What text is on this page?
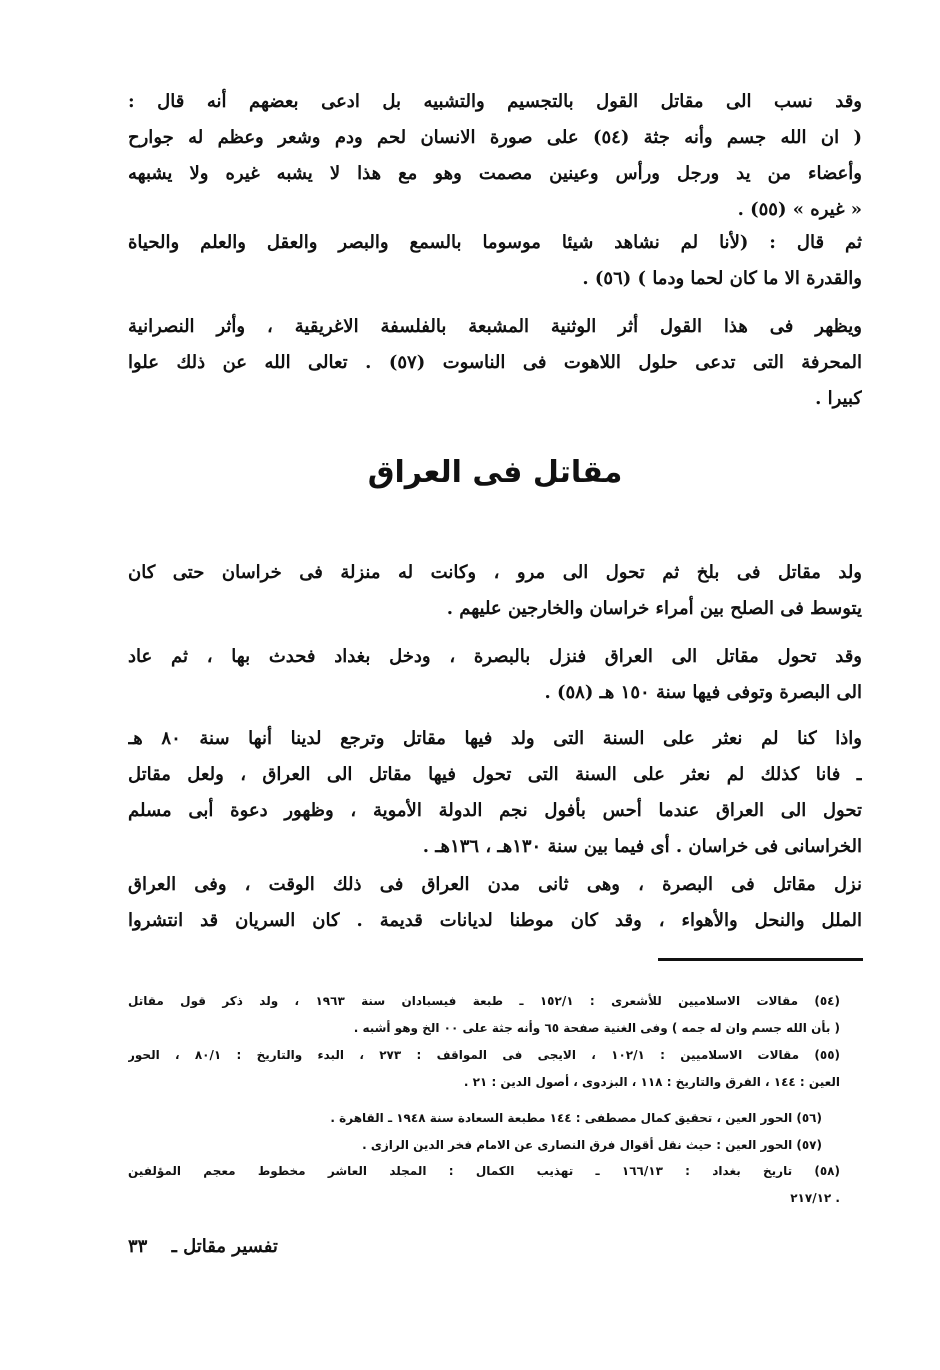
وقد نسب الى مقاتل القول بالتجسيم والتشبيه بل ادعى بعضهم أنه قال :
( ان الله جسم وأنه جثة (٥٤) على صورة الانسان لحم ودم وشعر وعظم له جوارح
وأعضاء من يد ورجل ورأس وعينين مصمت وهو مع هذا لا يشبه غيره ولا يشبهه
« غيره » (٥٥) .
ثم قال : (لأنا لم نشاهد شيئا موسوما بالسمع والبصر والعقل والعلم والحياة
والقدرة الا ما كان لحما ودما ) (٥٦) .
ويظهر فى هذا القول أثر الوثنية المشبعة بالفلسفة الاغريقية ، وأثر النصرانية
المحرفة التى تدعى حلول اللاهوت فى الناسوت (٥٧) . تعالى الله عن ذلك علوا
كبيرا .
مقاتل فى العراق
ولد مقاتل فى بلخ ثم تحول الى مرو ، وكانت له منزلة فى خراسان حتى كان
يتوسط فى الصلح بين أمراء خراسان والخارجين عليهم .
وقد تحول مقاتل الى العراق فنزل بالبصرة ، ودخل بغداد فحدث بها ، ثم عاد
الى البصرة وتوفى فيها سنة ١٥٠ هـ (٥٨) .
واذا كنا لم نعثر على السنة التى ولد فيها مقاتل وترجع لدينا أنها سنة ٨٠ هـ
ـ فانا كذلك لم نعثر على السنة التى تحول فيها مقاتل الى العراق ، ولعل مقاتل
تحول الى العراق عندما أحس بأفول نجم الدولة الأموية ، وظهور دعوة أبى مسلم
الخراسانى فى خراسان . أى فيما بين سنة ١٣٠هـ ، ١٣٦هـ .
نزل مقاتل فى البصرة ، وهى ثانى مدن العراق فى ذلك الوقت ، وفى العراق
الملل والنحل والأهواء ، وقد كان موطنا لديانات قديمة . كان السريان قد انتشروا
(٥٤) مقالات الاسلاميين للأشعرى : ١٥٢/١ ـ طبعة فيسبادان سنة ١٩٦٣ ، ولد ذكر قول مقاتل
( بأن الله جسم وان له جمه ) وفى الغنية صفحة ٦٥ وأنه جثة على ٠٠ الخ وهو أشبه .
(٥٥) مقالات الاسلاميين : ١٠٢/١ ، الايجى فى المواقف : ٢٧٣ ، البدء والتاريخ : ٨٠/١ ، الحور
العين : ١٤٤ ، الفرق والتاريخ : ١١٨ ، البزدوى ، أصول الدين : ٢١ .
(٥٦) الحور العين ، تحقيق كمال مصطفى : ١٤٤ مطبعة السعادة سنة ١٩٤٨ ـ القاهرة .
(٥٧) الحور العين : حيث نقل أقوال فرق النصارى عن الامام فخر الدين الرازى .
(٥٨) تاريخ بغداد : ١٦٦/١٣ ـ تهذيب الكمال : المجلد العاشر مخطوط معجم المؤلفين
. ٢١٧/١٢
تفسير مقاتل ـ ٣٣
